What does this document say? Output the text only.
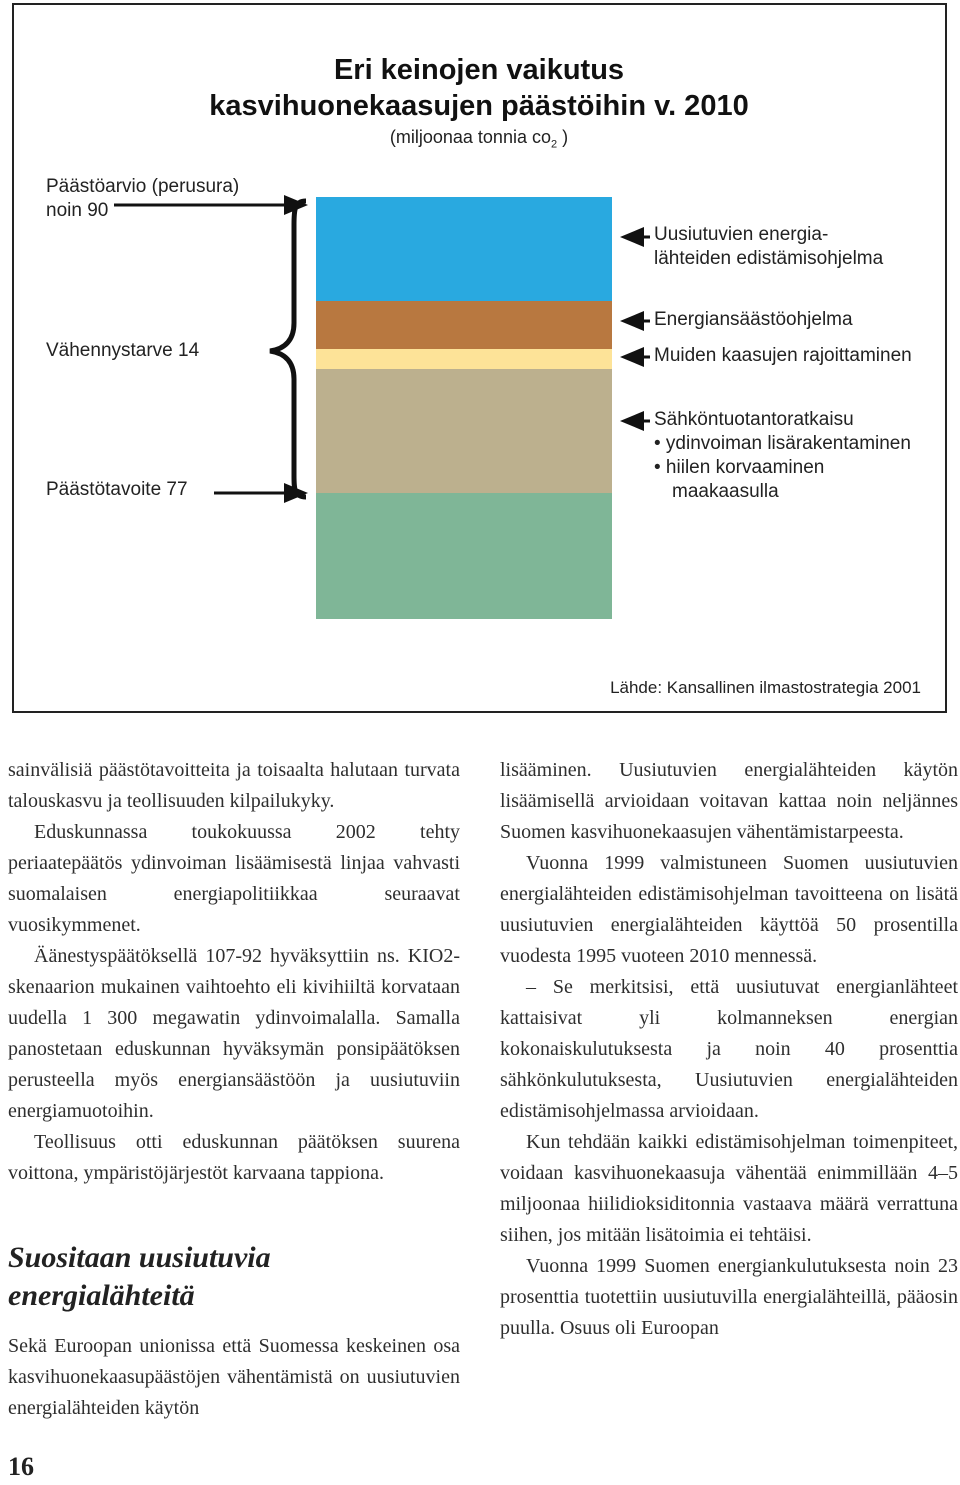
Eri keinojen vaikutus
kasvihuonekaasujen päästöihin v. 2010
(miljoonaa tonnia $co_2$ )
Päästöarvio (perusura)
noin 90
Vähennystarve 14
Päästötavoite 77
Uusiutuvien energia-
lähteiden edistämisohjelma
Energiansäästöohjelma
Muiden kaasujen rajoittaminen
Sähköntuotantoratkaisu
• ydinvoiman lisärakentaminen
• hiilen korvaaminen
maakaasulla
Lähde: Kansallinen ilmastostrategia 2001

sainvälisiä päästötavoitteita ja toisaalta halutaan turvata talouskasvu ja teollisuuden kilpailukyky.

Eduskunnassa toukokuussa 2002 tehty periaatepäätös ydinvoiman lisäämisestä linjaa vahvasti suomalaisen energiapolitiikkaa seuraavat vuosikymmenet.

Äänestyspäätöksellä 107-92 hyväksyttiin ns. KIO2-skenaarion mukainen vaihtoehto eli kivihiiltä korvataan uudella 1 300 megawatin ydinvoimalalla. Samalla panostetaan eduskunnan hyväksymän ponsipäätöksen perusteella myös energiansäästöön ja uusiutuviin energiamuotoihin.

Teollisuus otti eduskunnan päätöksen suurena voittona, ympäristöjärjestöt karvaana tappiona.

Suositaan uusiutuvia energialähteitä

Sekä Euroopan unionissa että Suomessa keskeinen osa kasvihuonekaasupäästöjen vähentämistä on uusiutuvien energialähteiden käytön

lisääminen. Uusiutuvien energialähteiden käytön lisäämisellä arvioidaan voitavan kattaa noin neljännes Suomen kasvihuonekaasujen vähentämistarpeesta.

Vuonna 1999 valmistuneen Suomen uusiutuvien energialähteiden edistämisohjelman tavoitteena on lisätä uusiutuvien energialähteiden käyttöä 50 prosentilla vuodesta 1995 vuoteen 2010 mennessä.

– Se merkitsisi, että uusiutuvat energianlähteet kattaisivat yli kolmanneksen energian kokonaiskulutuksesta ja noin 40 prosenttia sähkönkulutuksesta, Uusiutuvien energialähteiden edistämisohjelmassa arvioidaan.

Kun tehdään kaikki edistämisohjelman toimenpiteet, voidaan kasvihuonekaasuja vähentää enimmillään 4–5 miljoonaa hiilidioksiditonnia vastaava määrä verrattuna siihen, jos mitään lisätoimia ei tehtäisi.

Vuonna 1999 Suomen energiankulutuksesta noin 23 prosenttia tuotettiin uusiutuvilla energialähteillä, pääosin puulla. Osuus oli Euroopan

16
